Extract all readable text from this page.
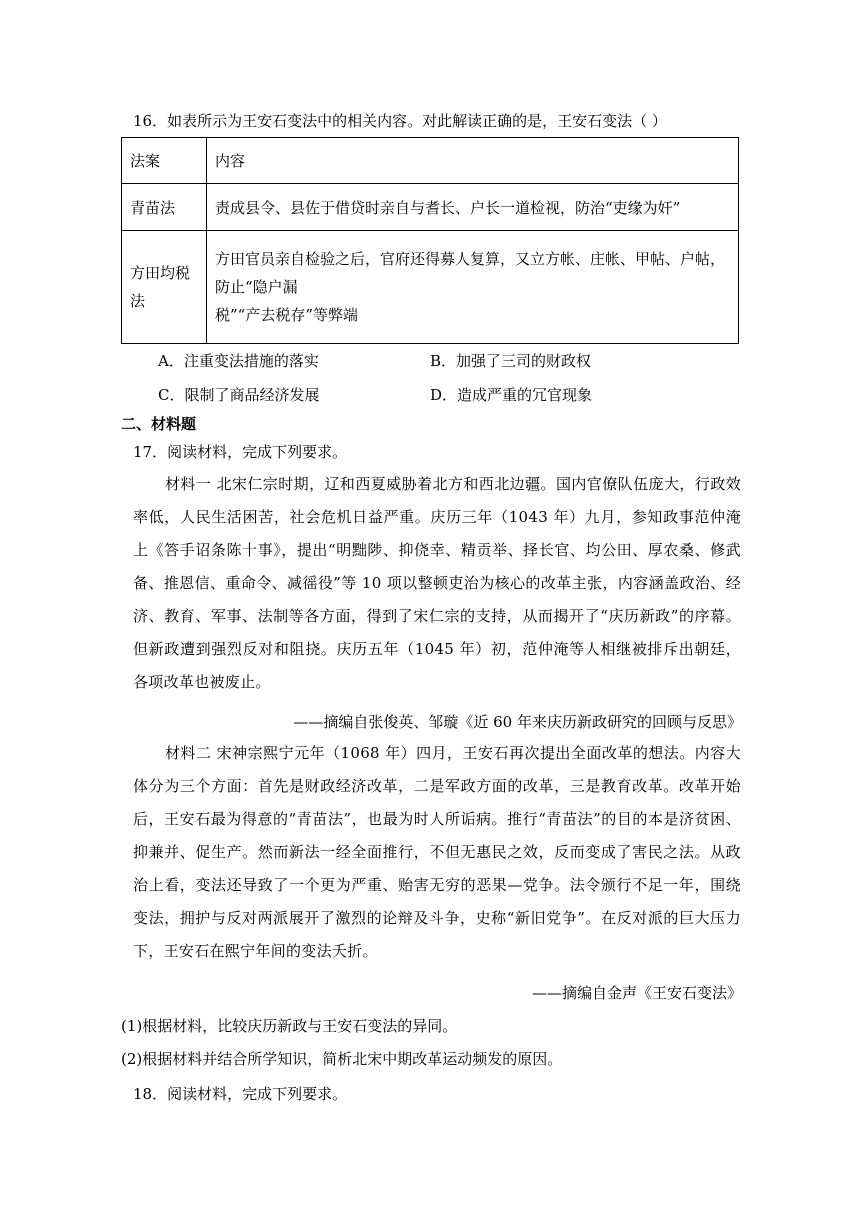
16．如表所示为王安石变法中的相关内容。对此解读正确的是，王安石变法（ ）
法案	内容
青苗法	责成县令、县佐于借贷时亲自与耆长、户长一道检视，防治“吏缘为奸”

方田均税法	方田官员亲自检验之后，官府还得募人复算，又立方帐、庄帐、甲帖、户帖，
防止“隐户漏
税”“产去税存”等弊端
A．注重变法措施的落实	B．加强了三司的财政权
C．限制了商品经济发展	D．造成严重的冗官现象
二、材料题
17．阅读材料，完成下列要求。
材料一 北宋仁宗时期，辽和西夏威胁着北方和西北边疆。国内官僚队伍庞大，行政效率低，人民生活困苦，社会危机日益严重。庆历三年（1043 年）九月，参知政事范仲淹上《答手诏条陈十事》，提出“明黜陟、抑侥幸、精贡举、择长官、均公田、厚农桑、修武备、推恩信、重命令、减徭役”等 10 项以整顿吏治为核心的改革主张，内容涵盖政治、经济、教育、军事、法制等各方面，得到了宋仁宗的支持，从而揭开了“庆历新政”的序幕。但新政遭到强烈反对和阻挠。庆历五年（1045 年）初，范仲淹等人相继被排斥出朝廷，各项改革也被废止。
——摘编自张俊英、邹璇《近 60 年来庆历新政研究的回顾与反思》
材料二 宋神宗熙宁元年（1068 年）四月，王安石再次提出全面改革的想法。内容大体分为三个方面：首先是财政经济改革，二是军政方面的改革，三是教育改革。改革开始后，王安石最为得意的“青苗法”，也最为时人所诟病。推行“青苗法”的目的本是济贫困、抑兼并、促生产。然而新法一经全面推行，不但无惠民之效，反而变成了害民之法。从政治上看，变法还导致了一个更为严重、贻害无穷的恶果—党争。法令颁行不足一年，围绕变法，拥护与反对两派展开了激烈的论辩及斗争，史称“新旧党争”。在反对派的巨大压力下，王安石在熙宁年间的变法夭折。
——摘编自金声《王安石变法》
(1)根据材料，比较庆历新政与王安石变法的异同。
(2)根据材料并结合所学知识，简析北宋中期改革运动频发的原因。
18．阅读材料，完成下列要求。
